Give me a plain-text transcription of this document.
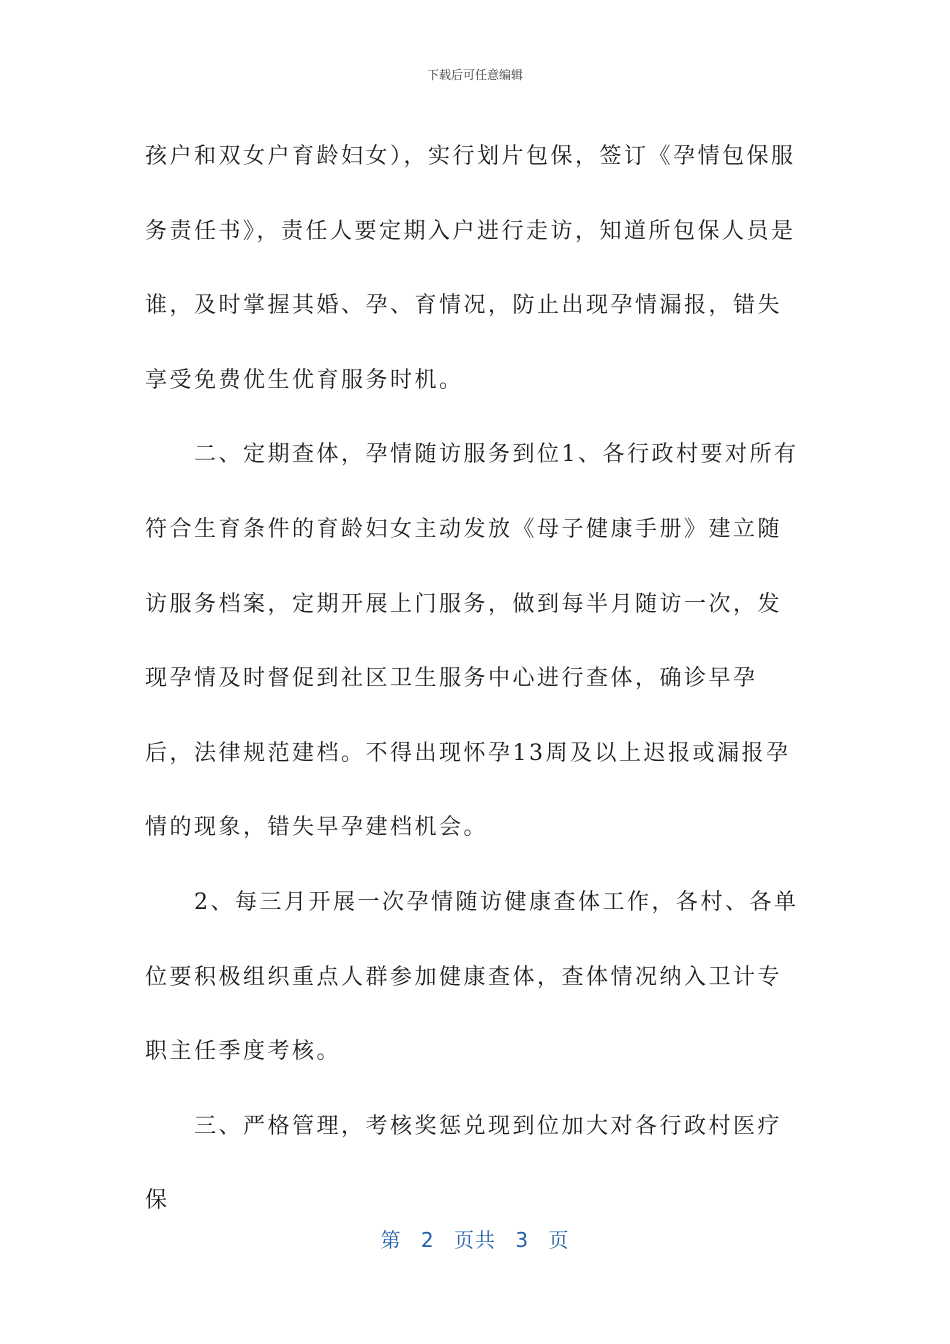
下载后可任意编辑

孩户和双女户育龄妇女），实行划片包保，签订《孕情包保服务责任书》，责任人要定期入户进行走访，知道所包保人员是谁，及时掌握其婚、孕、育情况，防止出现孕情漏报，错失享受免费优生优育服务时机。

二、定期查体，孕情随访服务到位1、各行政村要对所有符合生育条件的育龄妇女主动发放《母子健康手册》建立随访服务档案，定期开展上门服务，做到每半月随访一次，发现孕情及时督促到社区卫生服务中心进行查体，确诊早孕后，法律规范建档。不得出现怀孕13周及以上迟报或漏报孕情的现象，错失早孕建档机会。

2、每三月开展一次孕情随访健康查体工作，各村、各单位要积极组织重点人群参加健康查体，查体情况纳入卫计专职主任季度考核。

三、严格管理，考核奖惩兑现到位加大对各行政村医疗保

第 2 页共 3 页
